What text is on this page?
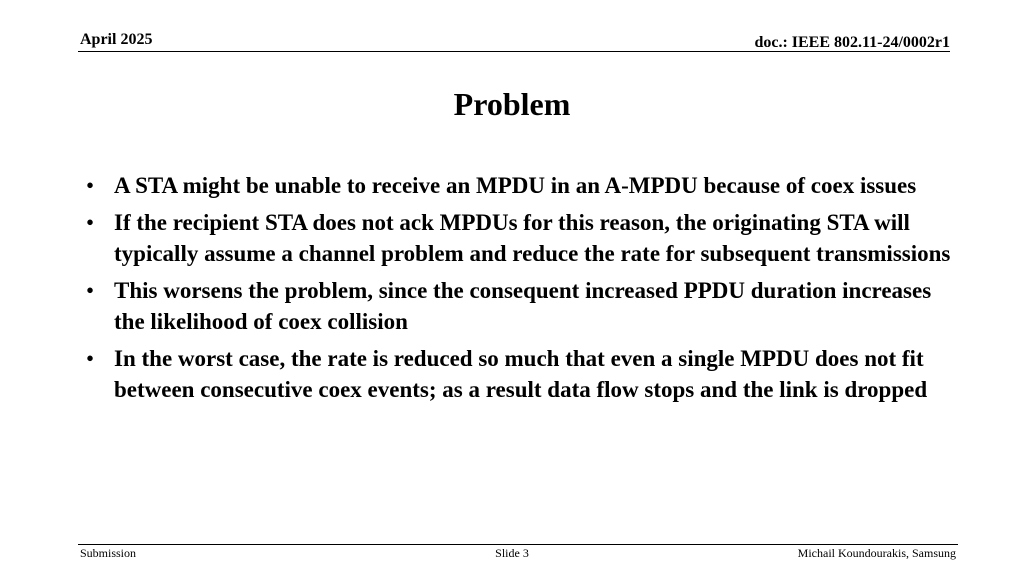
April 2025	doc.: IEEE 802.11-24/0002r1
Problem
• A STA might be unable to receive an MPDU in an A-MPDU because of coex issues
• If the recipient STA does not ack MPDUs for this reason, the originating STA will typically assume a channel problem and reduce the rate for subsequent transmissions
• This worsens the problem, since the consequent increased PPDU duration increases the likelihood of coex collision
• In the worst case, the rate is reduced so much that even a single MPDU does not fit between consecutive coex events; as a result data flow stops and the link is dropped
Submission	Slide 3	Michail Koundourakis, Samsung
